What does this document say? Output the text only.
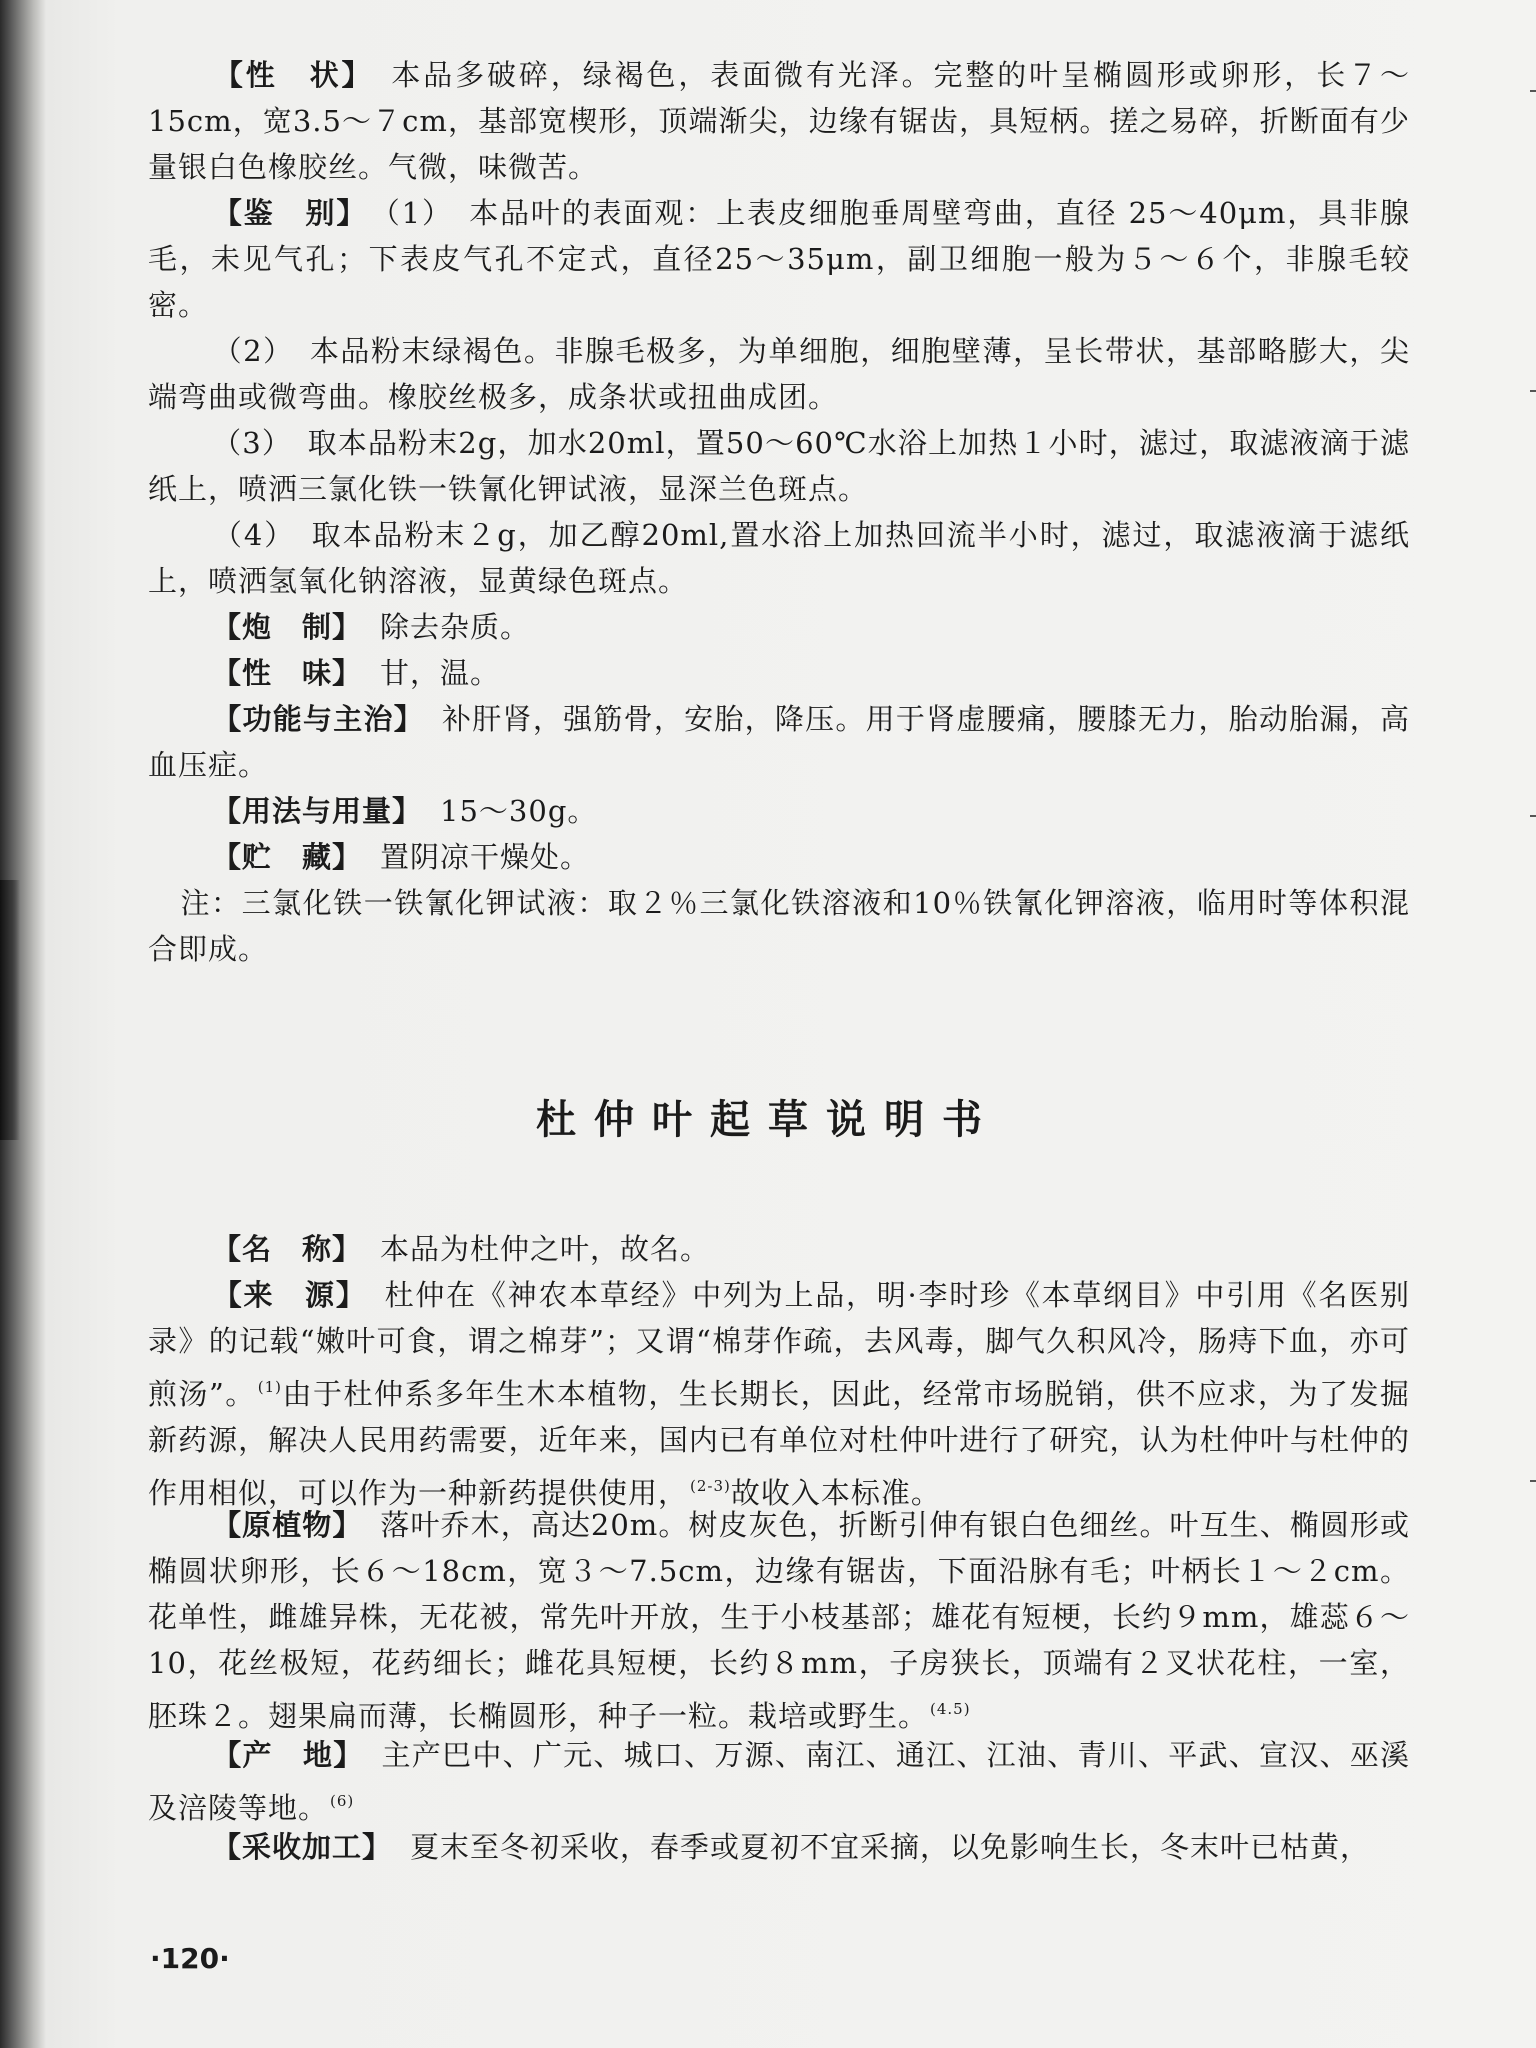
【性　状】 本品多破碎，绿褐色，表面微有光泽。完整的叶呈椭圆形或卵形，长７～15cm，宽3.5～７cm，基部宽楔形，顶端渐尖，边缘有锯齿，具短柄。搓之易碎，折断面有少量银白色橡胶丝。气微，味微苦。

【鉴　别】 （1）　本品叶的表面观：上表皮细胞垂周壁弯曲，直径 25～40μm，具非腺毛，未见气孔；下表皮气孔不定式，直径25～35μm，副卫细胞一般为５～６个，非腺毛较密。

（2）　本品粉末绿褐色。非腺毛极多，为单细胞，细胞壁薄，呈长带状，基部略膨大，尖端弯曲或微弯曲。橡胶丝极多，成条状或扭曲成团。

（3）　取本品粉末2g，加水20ml，置50～60℃水浴上加热１小时，滤过，取滤液滴于滤纸上，喷洒三氯化铁一铁氰化钾试液，显深兰色斑点。

（4）　取本品粉末２g，加乙醇20ml,置水浴上加热回流半小时，滤过，取滤液滴于滤纸上，喷洒氢氧化钠溶液，显黄绿色斑点。

【炮　制】 除去杂质。

【性　味】 甘，温。

【功能与主治】 补肝肾，强筋骨，安胎，降压。用于肾虚腰痛，腰膝无力，胎动胎漏，高血压症。

【用法与用量】 15～30g。

【贮　藏】 置阴凉干燥处。

注：三氯化铁一铁氰化钾试液：取２％三氯化铁溶液和10％铁氰化钾溶液，临用时等体积混合即成。

杜仲叶起草说明书

【名　称】 本品为杜仲之叶，故名。

【来　源】 杜仲在《神农本草经》中列为上品，明·李时珍《本草纲目》中引用《名医别录》的记载“嫩叶可食，谓之棉芽”；又谓“棉芽作疏，去风毒，脚气久积风冷，肠痔下血，亦可煎汤”。 $^{(1)}$由于杜仲系多年生木本植物，生长期长，因此，经常市场脱销，供不应求，为了发掘新药源，解决人民用药需要，近年来，国内已有单位对杜仲叶进行了研究，认为杜仲叶与杜仲的作用相似，可以作为一种新药提供使用， $^{(2-3)}$故收入本标准。

【原植物】 落叶乔木，高达20m。树皮灰色，折断引伸有银白色细丝。叶互生、椭圆形或椭圆状卵形，长６～18cm，宽３～7.5cm，边缘有锯齿，下面沿脉有毛；叶柄长１～２cm。花单性，雌雄异株，无花被，常先叶开放，生于小枝基部；雄花有短梗，长约９mm，雄蕊６～10，花丝极短，花药细长；雌花具短梗，长约８mm，子房狭长，顶端有２叉状花柱，一室，胚珠２。翅果扁而薄，长椭圆形，种子一粒。栽培或野生。 $^{(4.5)}$

【产　地】 主产巴中、广元、城口、万源、南江、通江、江油、青川、平武、宣汉、巫溪及涪陵等地。 $^{(6)}$

【采收加工】 夏末至冬初采收，春季或夏初不宜采摘，以免影响生长，冬末叶已枯黄，

·120·
